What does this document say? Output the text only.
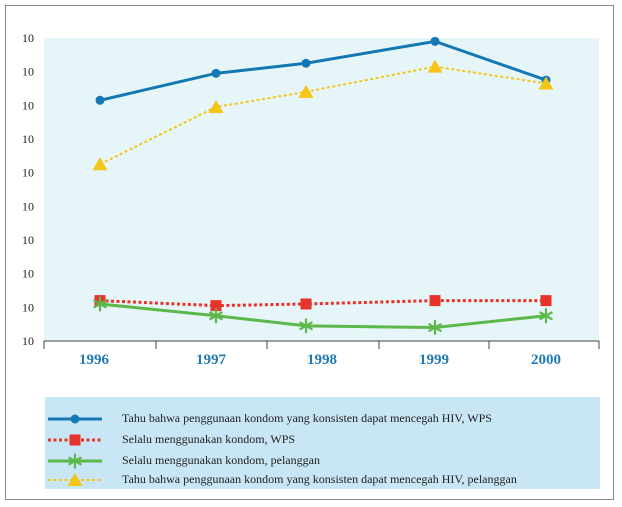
10
10
10
10
10
10
10
10
10
10
1996	1997	1998	1999	2000
Tahu bahwa penggunaan kondom yang konsisten dapat mencegah HIV, WPS
Selalu menggunakan kondom, WPS
Selalu menggunakan kondom, pelanggan
Tahu bahwa penggunaan kondom yang konsisten dapat mencegah HIV, pelanggan
